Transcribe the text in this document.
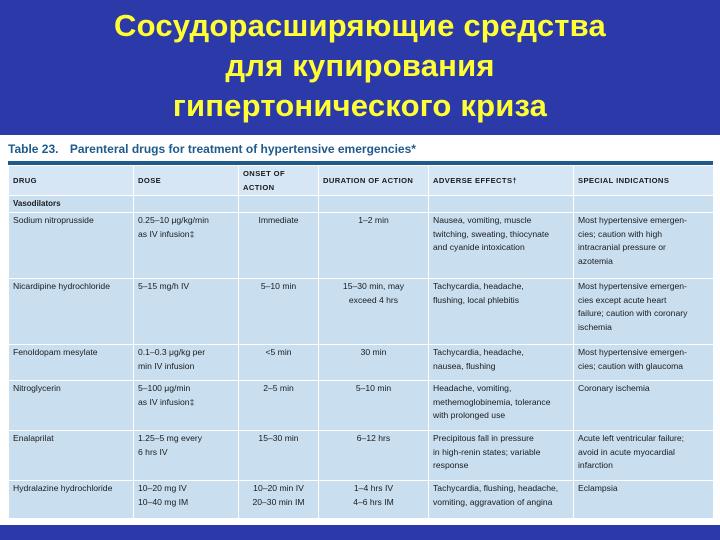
Сосудорасширяющие средства
для купирования
гипертонического криза
Table 23. Parenteral drugs for treatment of hypertensive emergencies*
DRUG	DOSE	ONSET OF ACTION	DURATION OF ACTION	ADVERSE EFFECTS†	SPECIAL INDICATIONS
Vasodilators					
Sodium nitroprusside	0.25–10 μg/kg/min
as IV infusion‡	Immediate	1–2 min	Nausea, vomiting, muscle
twitching, sweating, thiocynate
and cyanide intoxication	Most hypertensive emergen-
cies; caution with high
intracranial pressure or
azotemia
Nicardipine hydrochloride	5–15 mg/h IV	5–10 min	15–30 min, may
exceed 4 hrs	Tachycardia, headache,
flushing, local phlebitis	Most hypertensive emergen-
cies except acute heart
failure; caution with coronary
ischemia
Fenoldopam mesylate	0.1–0.3 μg/kg per
min IV infusion	<5 min	30 min	Tachycardia, headache,
nausea, flushing	Most hypertensive emergen-
cies; caution with glaucoma
Nitroglycerin	5–100 μg/min
as IV infusion‡	2–5 min	5–10 min	Headache, vomiting,
methemoglobinemia, tolerance
with prolonged use	Coronary ischemia
Enalaprilat	1.25–5 mg every
6 hrs IV	15–30 min	6–12 hrs	Precipitous fall in pressure
in high-renin states; variable
response	Acute left ventricular failure;
avoid in acute myocardial
infarction
Hydralazine hydrochloride	10–20 mg IV
10–40 mg IM	10–20 min IV
20–30 min IM	1–4 hrs IV
4–6 hrs IM	Tachycardia, flushing, headache,
vomiting, aggravation of angina	Eclampsia
